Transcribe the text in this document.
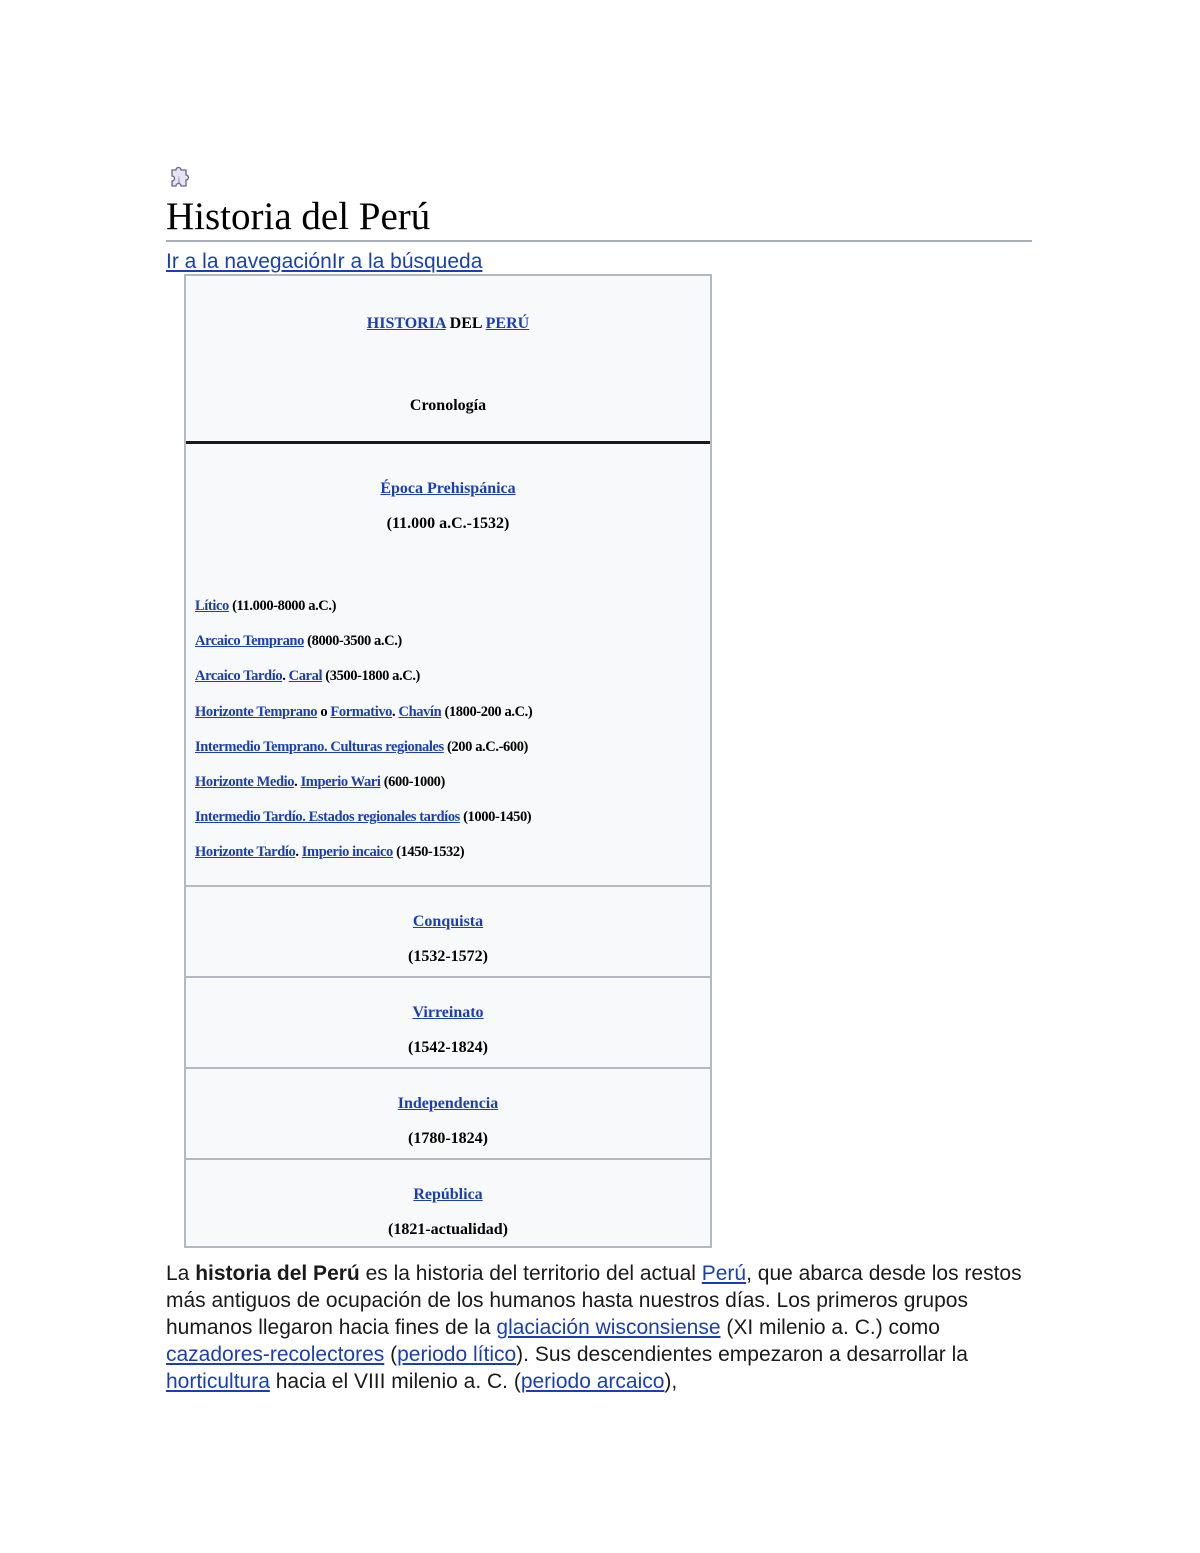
i
Historia del Perú
Ir a la navegaciónIr a la búsqueda
HISTORIA DEL PERÚ
Cronología
Época Prehispánica
(11.000 a.C.-1532)
Lítico (11.000-8000 a.C.)
Arcaico Temprano (8000-3500 a.C.)
Arcaico Tardío. Caral (3500-1800 a.C.)
Horizonte Temprano o Formativo. Chavín (1800-200 a.C.)
Intermedio Temprano. Culturas regionales (200 a.C.-600)
Horizonte Medio. Imperio Wari (600-1000)
Intermedio Tardío. Estados regionales tardíos (1000-1450)
Horizonte Tardío. Imperio incaico (1450-1532)
Conquista
(1532-1572)
Virreinato
(1542-1824)
Independencia
(1780-1824)
República
(1821-actualidad)

La historia del Perú es la historia del territorio del actual Perú, que abarca desde los restos más antiguos de ocupación de los humanos hasta nuestros días. Los primeros grupos humanos llegaron hacia fines de la glaciación wisconsiense (XI milenio a. C.) como cazadores-recolectores (periodo lítico). Sus descendientes empezaron a desarrollar la horticultura hacia el VIII milenio a. C. (periodo arcaico),
